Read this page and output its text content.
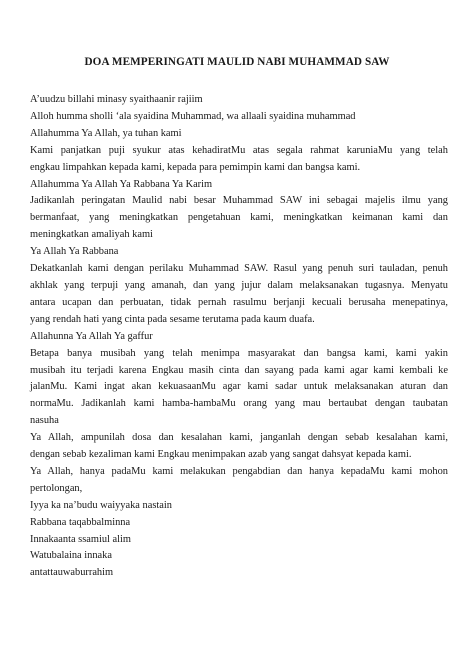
DOA MEMPERINGATI MAULID NABI MUHAMMAD SAW
A’uudzu billahi minasy syaithaanir rajiim
Alloh humma sholli ‘ala syaidina Muhammad, wa allaali syaidina muhammad
Allahumma Ya Allah, ya tuhan kami
Kami panjatkan puji syukur atas kehadiratMu atas segala rahmat karuniaMu yang telah
engkau limpahkan kepada kami, kepada para pemimpin kami dan bangsa kami.
Allahumma Ya Allah Ya Rabbana Ya Karim
Jadikanlah peringatan Maulid nabi besar Muhammad SAW ini sebagai majelis ilmu yang
bermanfaat, yang meningkatkan pengetahuan kami, meningkatkan keimanan kami dan
meningkatkan amaliyah kami
Ya Allah Ya Rabbana
Dekatkanlah kami dengan perilaku Muhammad SAW. Rasul yang penuh suri tauladan, penuh
akhlak yang terpuji yang amanah, dan yang jujur dalam melaksanakan tugasnya. Menyatu
antara ucapan dan perbuatan, tidak pernah rasulmu berjanji kecuali berusaha menepatinya,
yang rendah hati yang cinta pada sesame terutama pada kaum duafa.
Allahunna Ya Allah Ya gaffur
Betapa banya musibah yang telah menimpa masyarakat dan bangsa kami, kami yakin
musibah itu terjadi karena Engkau masih cinta dan sayang pada kami agar kami kembali ke
jalanMu. Kami ingat akan kekuasaanMu agar kami sadar untuk melaksanakan aturan dan
normaMu. Jadikanlah kami hamba-hambaMu orang yang mau bertaubat dengan taubatan
nasuha
Ya Allah, ampunilah dosa dan kesalahan kami, janganlah dengan sebab kesalahan kami,
dengan sebab kezaliman kami Engkau menimpakan azab yang sangat dahsyat kepada kami.
Ya Allah, hanya padaMu kami melakukan pengabdian dan hanya kepadaMu kami mohon
pertolongan,
Iyya ka na’budu waiyyaka nastain
Rabbana taqabbalminna
Innakaanta ssamiul alim
Watubalaina innaka
antattauwaburrahim
